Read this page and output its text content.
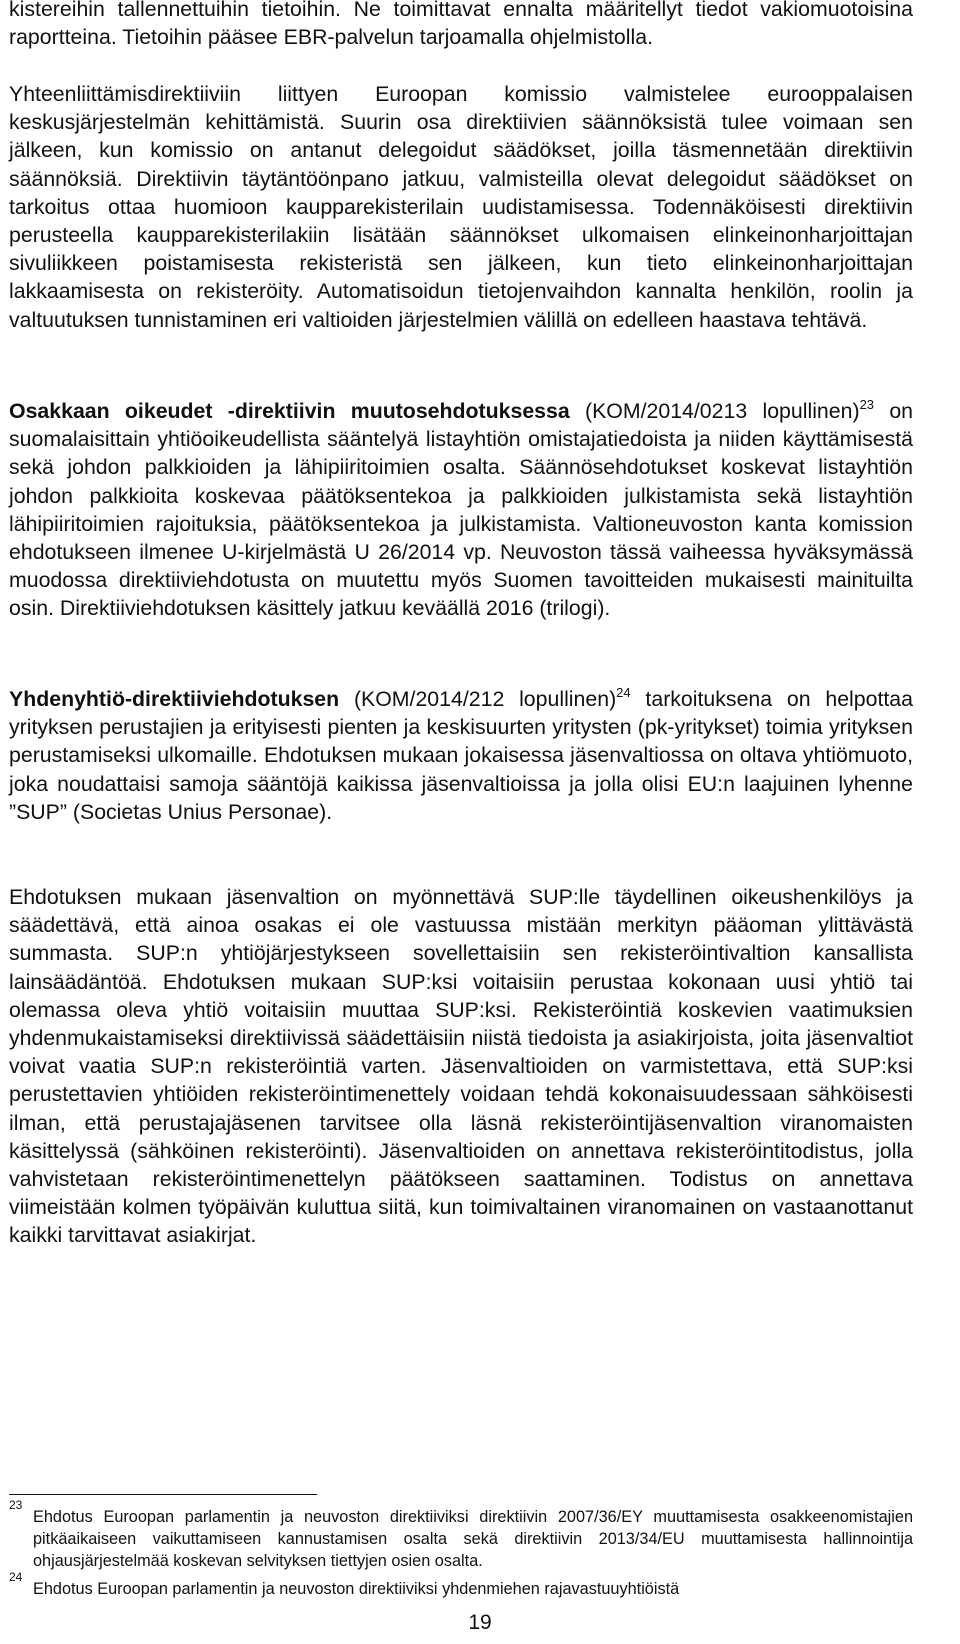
kistereihin tallennettuihin tietoihin. Ne toimittavat ennalta määritellyt tiedot vakiomuotoisina raportteina. Tietoihin pääsee EBR-palvelun tarjoamalla ohjelmistolla.

Yhteenliittämisdirektiiviin liittyen Euroopan komissio valmistelee eurooppalaisen keskusjärjestelmän kehittämistä. Suurin osa direktiivien säännöksistä tulee voimaan sen jälkeen, kun komissio on antanut delegoidut säädökset, joilla täsmennetään direktiivin säännöksiä. Direktiivin täytäntöönpano jatkuu, valmisteilla olevat delegoidut säädökset on tarkoitus ottaa huomioon kaupparekisterilain uudistamisessa. Todennäköisesti direktiivin perusteella kaupparekisterilakiin lisätään säännökset ulkomaisen elinkeinonharjoittajan sivuliikkeen poistamisesta rekisteristä sen jälkeen, kun tieto elinkeinonharjoittajan lakkaamisesta on rekisteröity. Automatisoidun tietojenvaihdon kannalta henkilön, roolin ja valtuutuksen tunnistaminen eri valtioiden järjestelmien välillä on edelleen haastava tehtävä.

Osakkaan oikeudet -direktiivin muutosehdotuksessa (KOM/2014/0213 lopullinen)$^{23}$ on suomalaisittain yhtiöoikeudellista sääntelyä listayhtiön omistajatiedoista ja niiden käyttämisestä sekä johdon palkkioiden ja lähipiiritoimien osalta. Säännösehdotukset koskevat listayhtiön johdon palkkioita koskevaa päätöksentekoa ja palkkioiden julkistamista sekä listayhtiön lähipiiritoimien rajoituksia, päätöksentekoa ja julkistamista. Valtioneuvoston kanta komission ehdotukseen ilmenee U-kirjelmästä U 26/2014 vp. Neuvoston tässä vaiheessa hyväksymässä muodossa direktiiviehdotusta on muutettu myös Suomen tavoitteiden mukaisesti mainituilta osin. Direktiiviehdotuksen käsittely jatkuu keväällä 2016 (trilogi).

Yhdenyhtiö-direktiiviehdotuksen (KOM/2014/212 lopullinen)$^{24}$ tarkoituksena on helpottaa yrityksen perustajien ja erityisesti pienten ja keskisuurten yritysten (pk-yritykset) toimia yrityksen perustamiseksi ulkomaille. Ehdotuksen mukaan jokaisessa jäsenvaltiossa on oltava yhtiömuoto, joka noudattaisi samoja sääntöjä kaikissa jäsenvaltioissa ja jolla olisi EU:n laajuinen lyhenne ”SUP” (Societas Unius Personae).

Ehdotuksen mukaan jäsenvaltion on myönnettävä SUP:lle täydellinen oikeushenkilöys ja säädettävä, että ainoa osakas ei ole vastuussa mistään merkityn pääoman ylittävästä summasta. SUP:n yhtiöjärjestykseen sovellettaisiin sen rekisteröintivaltion kansallista lainsäädäntöä. Ehdotuksen mukaan SUP:ksi voitaisiin perustaa kokonaan uusi yhtiö tai olemassa oleva yhtiö voitaisiin muuttaa SUP:ksi. Rekisteröintiä koskevien vaatimuksien yhdenmukaistamiseksi direktiivissä säädettäisiin niistä tiedoista ja asiakirjoista, joita jäsenvaltiot voivat vaatia SUP:n rekisteröintiä varten. Jäsenvaltioiden on varmistettava, että SUP:ksi perustettavien yhtiöiden rekisteröintimenettely voidaan tehdä kokonaisuudessaan sähköisesti ilman, että perustajajäsenen tarvitsee olla läsnä rekisteröintijäsenvaltion viranomaisten käsittelyssä (sähköinen rekisteröinti). Jäsenvaltioiden on annettava rekisteröintitodistus, jolla vahvistetaan rekisteröintimenettelyn päätökseen saattaminen. Todistus on annettava viimeistään kolmen työpäivän kuluttua siitä, kun toimivaltainen viranomainen on vastaanottanut kaikki tarvittavat asiakirjat.

23
Ehdotus Euroopan parlamentin ja neuvoston direktiiviksi direktiivin 2007/36/EY muuttamisesta osakkeenomistajien pitkäaikaiseen vaikuttamiseen kannustamisen osalta sekä direktiivin 2013/34/EU muuttamisesta hallinnointija ohjausjärjestelmää koskevan selvityksen tiettyjen osien osalta.
24
Ehdotus Euroopan parlamentin ja neuvoston direktiiviksi yhdenmiehen rajavastuuyhtiöistä
19
